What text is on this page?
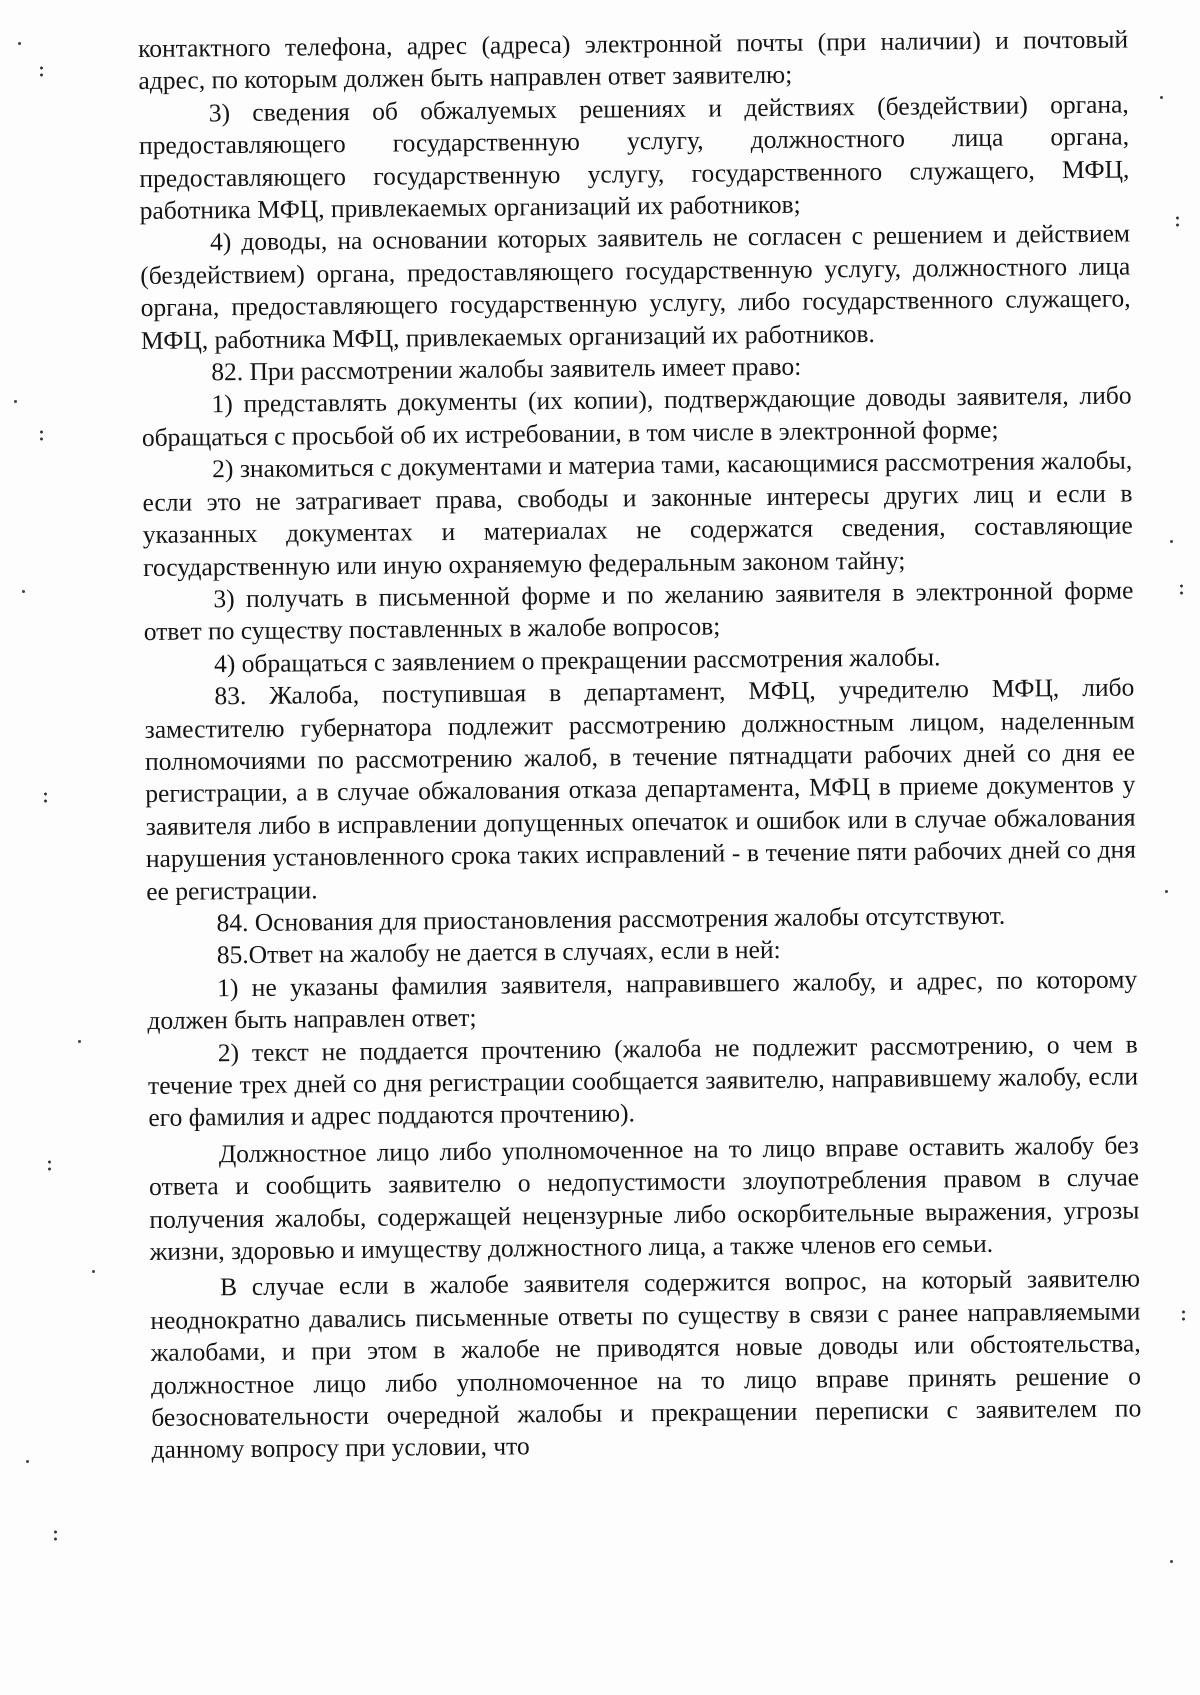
контактного телефона, адрес (адреса) электронной почты (при наличии) и почтовый адрес, по которым должен быть направлен ответ заявителю;

3) сведения об обжалуемых решениях и действиях (бездействии) органа, предоставляющего государственную услугу, должностного лица органа, предоставляющего государственную услугу, государственного служащего, МФЦ, работника МФЦ, привлекаемых организаций их работников;

4) доводы, на основании которых заявитель не согласен с решением и действием (бездействием) органа, предоставляющего государственную услугу, должностного лица органа, предоставляющего государственную услугу, либо государственного служащего, МФЦ, работника МФЦ, привлекаемых организаций их работников.

82. При рассмотрении жалобы заявитель имеет право:

1) представлять документы (их копии), подтверждающие доводы заявителя, либо обращаться с просьбой об их истребовании, в том числе в электронной форме;

2) знакомиться с документами и материа тами, касающимися рассмотрения жалобы, если это не затрагивает права, свободы и законные интересы других лиц и если в указанных документах и материалах не содержатся сведения, составляющие государственную или иную охраняемую федеральным законом тайну;

3) получать в письменной форме и по желанию заявителя в электронной форме ответ по существу поставленных в жалобе вопросов;

4) обращаться с заявлением о прекращении рассмотрения жалобы.

83. Жалоба, поступившая в департамент, МФЦ, учредителю МФЦ, либо заместителю губернатора подлежит рассмотрению должностным лицом, наделенным полномочиями по рассмотрению жалоб, в течение пятнадцати рабочих дней со дня ее регистрации, а в случае обжалования отказа департамента, МФЦ в приеме документов у заявителя либо в исправлении допущенных опечаток и ошибок или в случае обжалования нарушения установленного срока таких исправлений - в течение пяти рабочих дней со дня ее регистрации.

84. Основания для приостановления рассмотрения жалобы отсутствуют.

85.Ответ на жалобу не дается в случаях, если в ней:

1) не указаны фамилия заявителя, направившего жалобу, и адрес, по которому должен быть направлен ответ;

2) текст не поддается прочтению (жалоба не подлежит рассмотрению, о чем в течение трех дней со дня регистрации сообщается заявителю, направившему жалобу, если его фамилия и адрес поддаются прочтению).

Должностное лицо либо уполномоченное на то лицо вправе оставить жалобу без ответа и сообщить заявителю о недопустимости злоупотребления правом в случае получения жалобы, содержащей нецензурные либо оскорбительные выражения, угрозы жизни, здоровью и имуществу должностного лица, а также членов его семьи.

В случае если в жалобе заявителя содержится вопрос, на который заявителю неоднократно давались письменные ответы по существу в связи с ранее направляемыми жалобами, и при этом в жалобе не приводятся новые доводы или обстоятельства, должностное лицо либо уполномоченное на то лицо вправе принять решение о безосновательности очередной жалобы и прекращении переписки с заявителем по данному вопросу при условии, что
